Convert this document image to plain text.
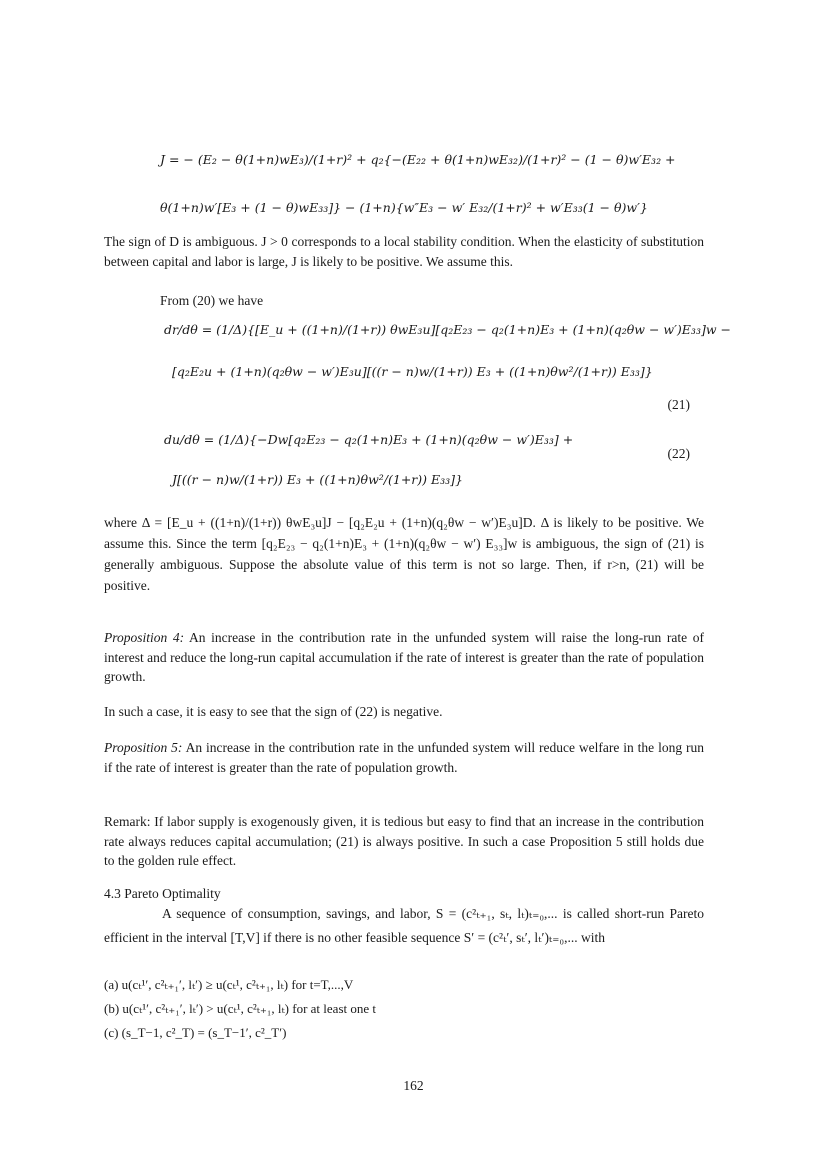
J = − (E₂ − θ(1+n)wE₃)/(1+r)² + q₂{−(E₂₂ + θ(1+n)wE₃₂)/(1+r)² − (1 − θ)w′E₃₂ +
θ(1+n)w′[E₃ + (1 − θ)wE₃₃]} − (1+n){w″E₃ − w′ E₃₂/(1+r)² + w′E₃₃(1 − θ)w′}
The sign of D is ambiguous. J > 0 corresponds to a local stability condition. When the elasticity of substitution between capital and labor is large, J is likely to be positive. We assume this.
From (20) we have
dr/dθ = (1/Δ){[E_u + ((1+n)/(1+r)) θwE₃u][q₂E₂₃ − q₂(1+n)E₃ + (1+n)(q₂θw − w′)E₃₃]w −
[q₂E₂u + (1+n)(q₂θw − w′)E₃u][((r − n)w/(1+r)) E₃ + ((1+n)θw²/(1+r)) E₃₃]}
(21)
du/dθ = (1/Δ){−Dw[q₂E₂₃ − q₂(1+n)E₃ + (1+n)(q₂θw − w′)E₃₃] +
(22)
J[((r − n)w/(1+r)) E₃ + ((1+n)θw²/(1+r)) E₃₃]}
where Δ = [E_u + ((1+n)/(1+r)) θwE₃u]J − [q₂E₂u + (1+n)(q₂θw − w′)E₃u]D. Δ is likely to be positive. We assume this. Since the term [q₂E₂₃ − q₂(1+n)E₃ + (1+n)(q₂θw − w′) E₃₃]w is ambiguous, the sign of (21) is generally ambiguous. Suppose the absolute value of this term is not so large. Then, if r>n, (21) will be positive.
Proposition 4: An increase in the contribution rate in the unfunded system will raise the long-run rate of interest and reduce the long-run capital accumulation if the rate of interest is greater than the rate of population growth.
In such a case, it is easy to see that the sign of (22) is negative.
Proposition 5: An increase in the contribution rate in the unfunded system will reduce welfare in the long run if the rate of interest is greater than the rate of population growth.
Remark: If labor supply is exogenously given, it is tedious but easy to find that an increase in the contribution rate always reduces capital accumulation; (21) is always positive. In such a case Proposition 5 still holds due to the golden rule effect.
4.3 Pareto Optimality
A sequence of consumption, savings, and labor, S = (c²ₜ₊₁, sₜ, lₜ)ₜ₌₀,... is called short-run Pareto efficient in the interval [T,V] if there is no other feasible sequence S′ = (c²ₜ′, sₜ′, lₜ′)ₜ₌₀,... with
(a) u(cₜ¹′, c²ₜ₊₁′, lₜ′) ≥ u(cₜ¹, c²ₜ₊₁, lₜ) for t=T,...,V
(b) u(cₜ¹′, c²ₜ₊₁′, lₜ′) > u(cₜ¹, c²ₜ₊₁, lₜ) for at least one t
(c) (s_T−1, c²_T) = (s_T−1′, c²_T′)
162
